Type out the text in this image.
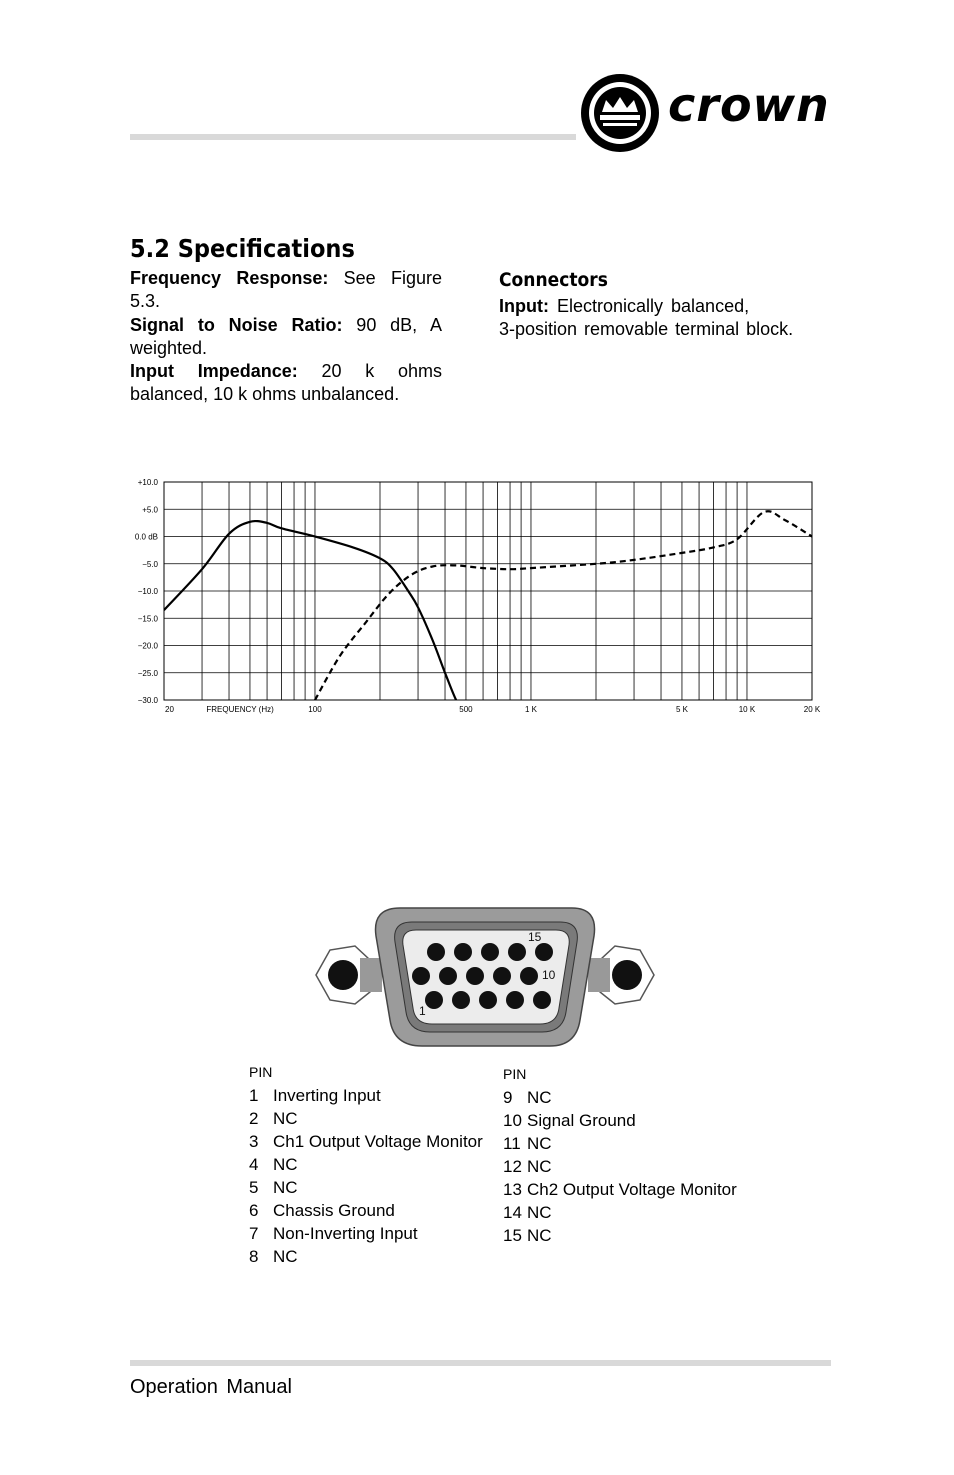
crown
5.2 Specifications
Frequency Response: See Figure 5.3.
Signal to Noise Ratio: 90 dB, A weighted.
Input Impedance: 20 k ohms balanced, 10 k ohms unbalanced.
Connectors
Input: Electronically balanced,
3-position removable terminal block.
+10.0
+5.0
0.0 dB
−5.0
−10.0
−15.0
−20.0
−25.0
−30.0
20	FREQUENCY (Hz)	100	500	1 K	5 K	10 K	20 K
15
10
1
PIN
1 Inverting Input
2 NC
3 Ch1 Output Voltage Monitor
4 NC
5 NC
6 Chassis Ground
7 Non-Inverting Input
8 NC
PIN
9 NC
10 Signal Ground
11 NC
12 NC
13 Ch2 Output Voltage Monitor
14 NC
15 NC
Operation Manual
